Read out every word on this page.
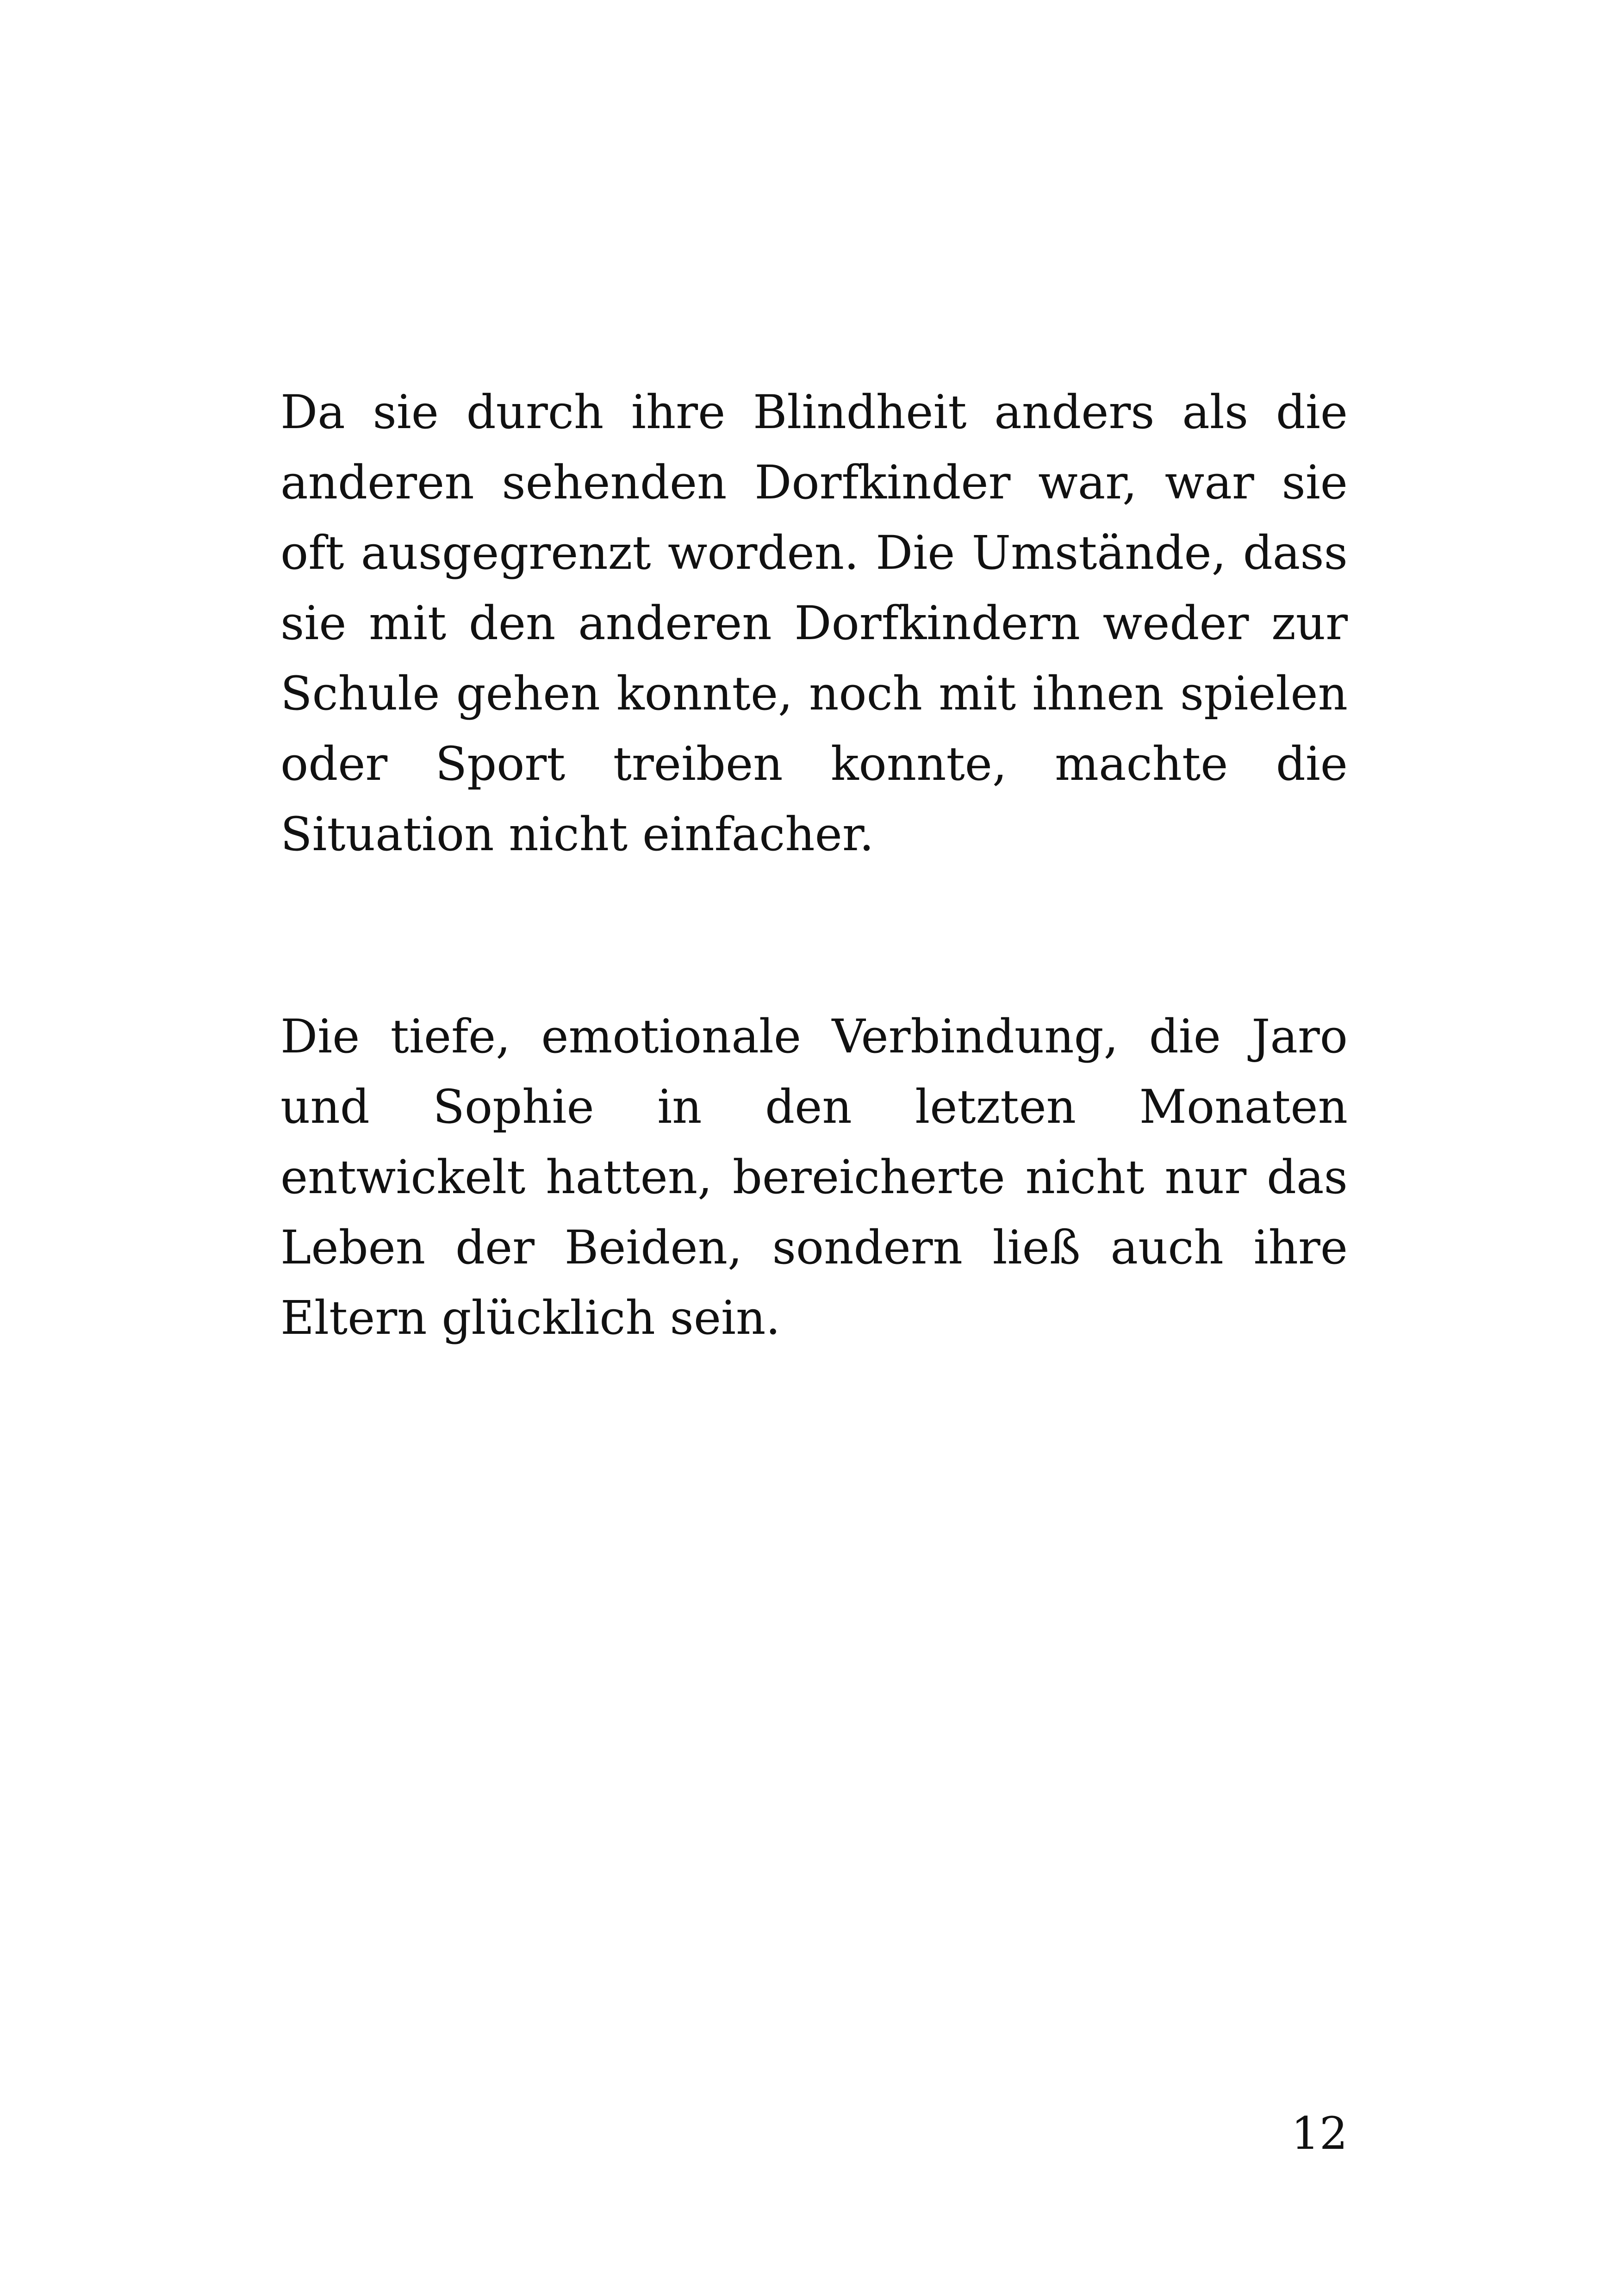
Da sie durch ihre Blindheit anders als die anderen sehenden Dorfkinder war, war sie oft ausgegrenzt worden. Die Umstände, dass sie mit den anderen Dorfkindern weder zur Schule gehen konnte, noch mit ihnen spielen oder Sport treiben konnte, machte die Situation nicht einfacher.

Die tiefe, emotionale Verbindung, die Jaro und Sophie in den letzten Monaten entwickelt hatten, bereicherte nicht nur das Leben der Beiden, sondern ließ auch ihre Eltern glücklich sein.

12
